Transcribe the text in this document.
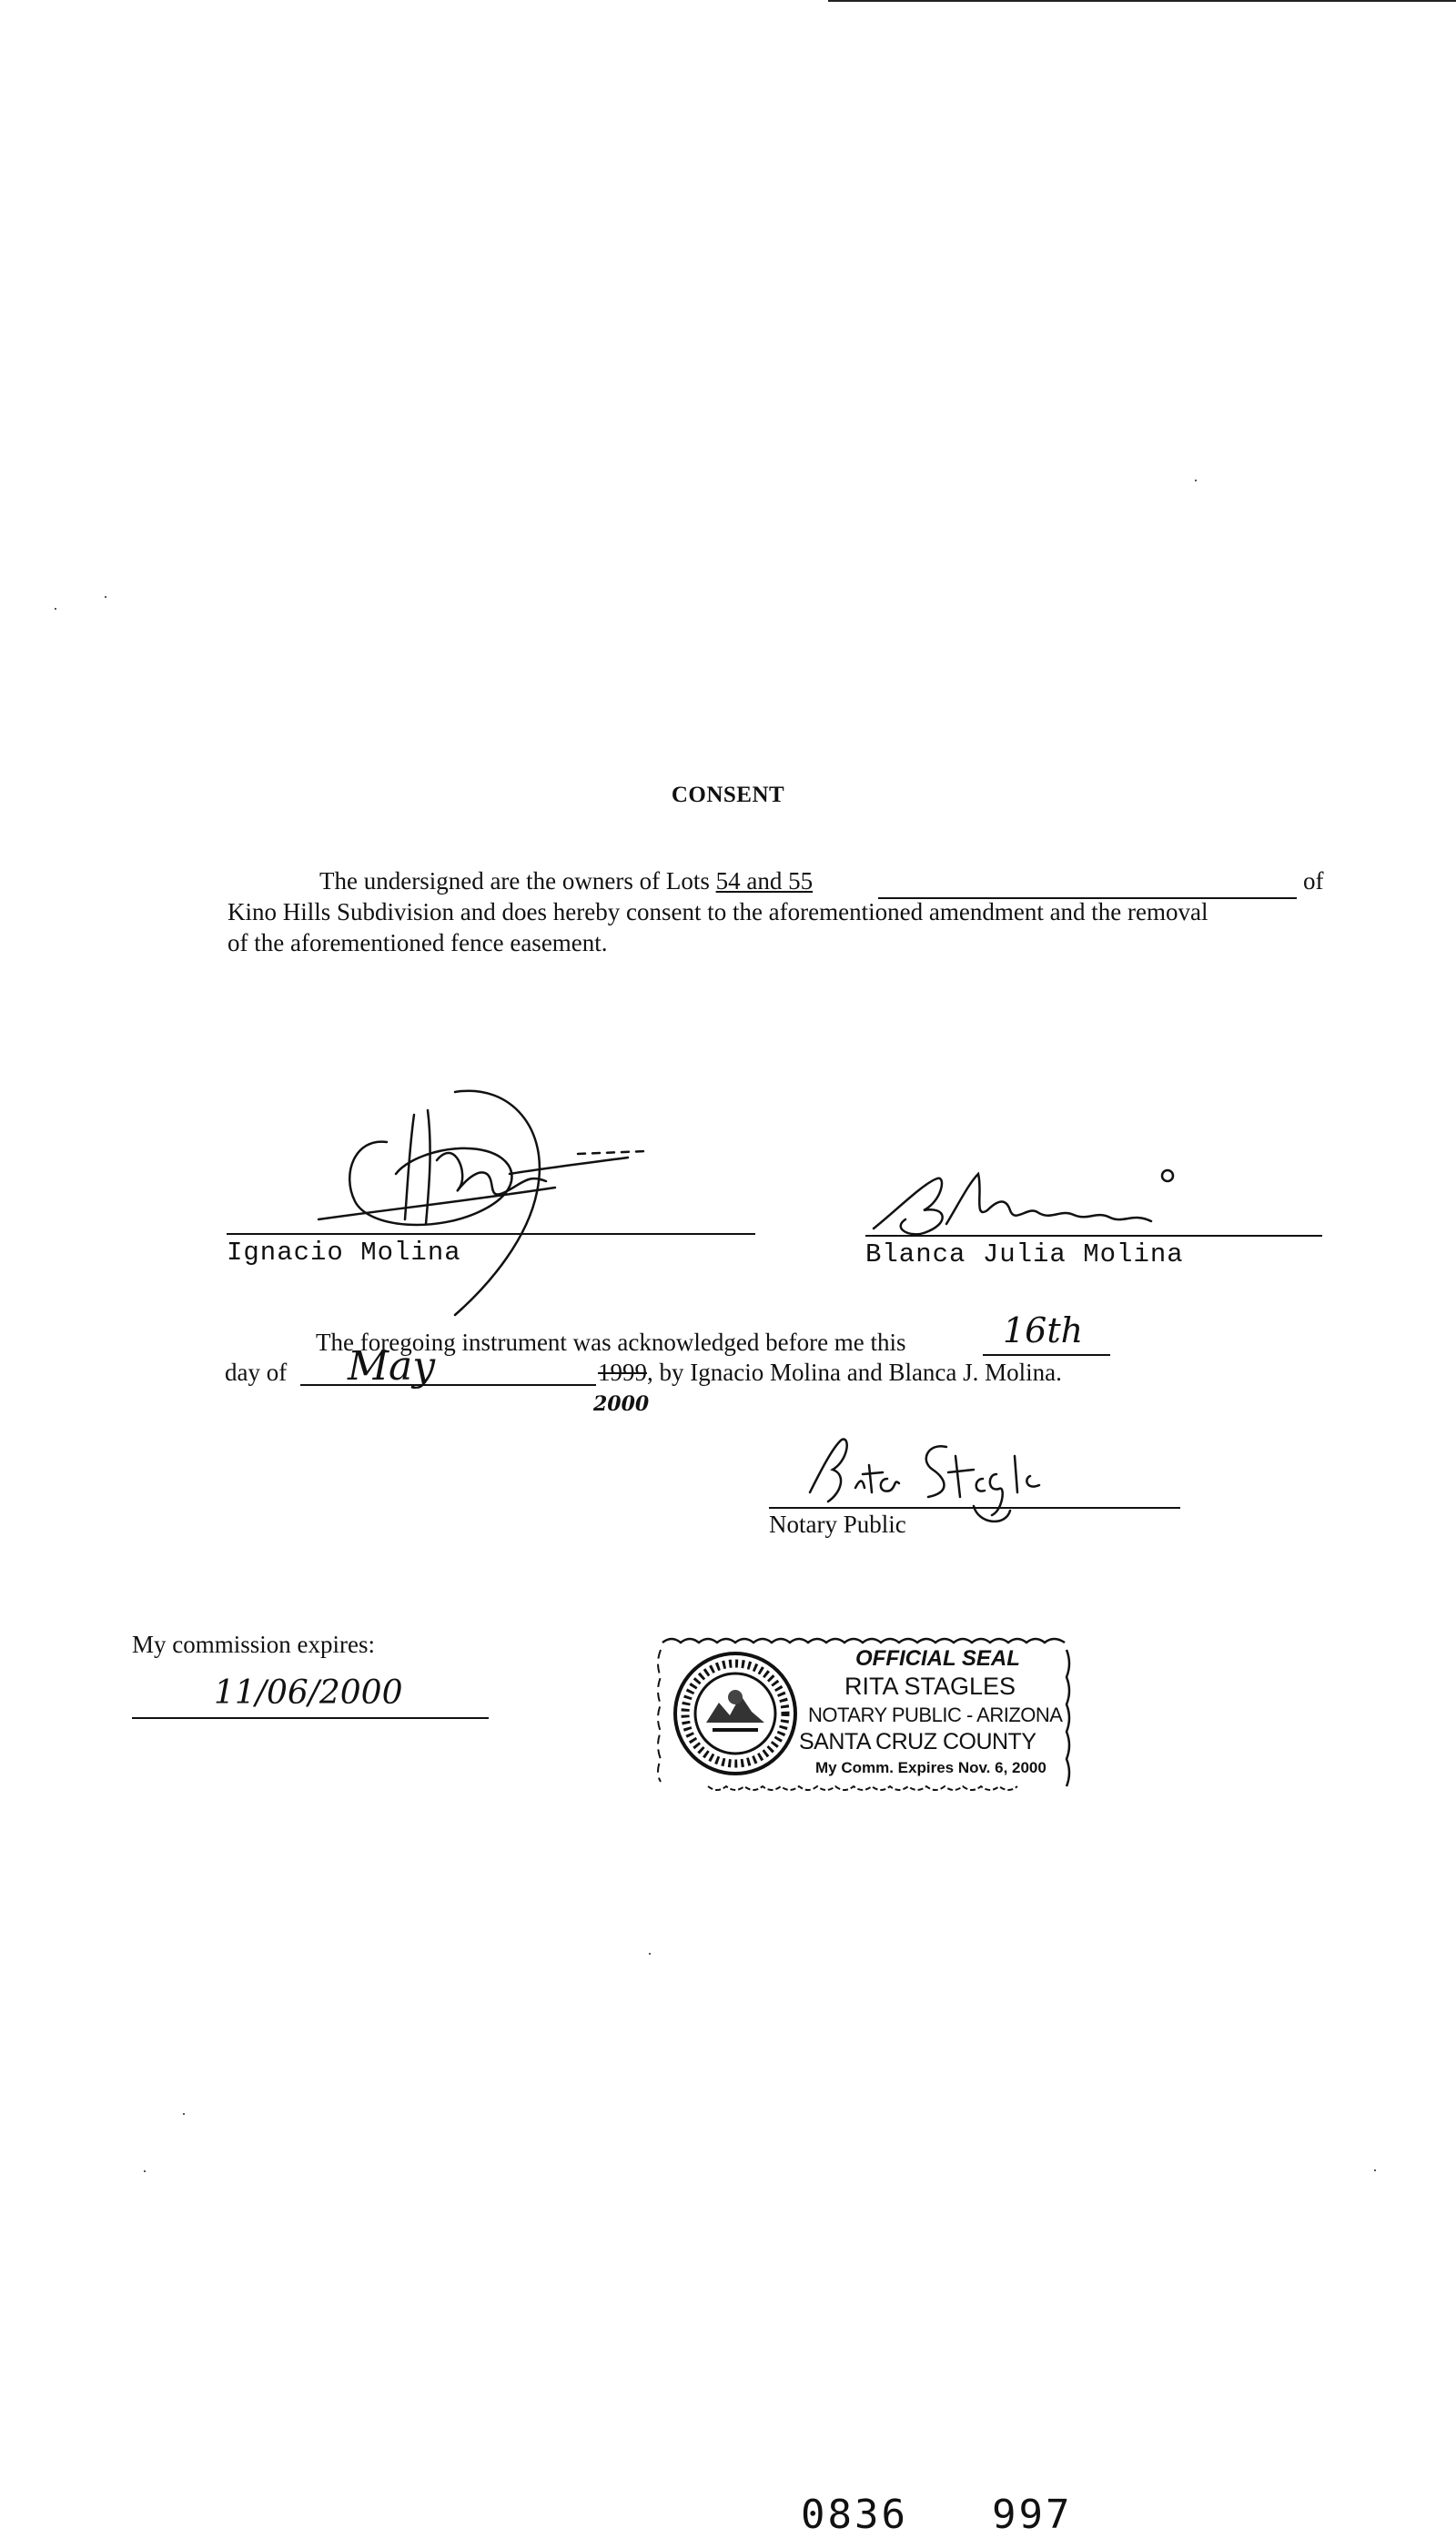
CONSENT
The undersigned are the owners of Lots 54 and 55	of
Kino Hills Subdivision and does hereby consent to the aforementioned amendment and the removal
of the aforementioned fence easement.
Ignacio Molina	Blanca Julia Molina
The foregoing instrument was acknowledged before me this	16th
day of May	1999, by Ignacio Molina and Blanca J. Molina.
2000
Notary Public
My commission expires:
11/06/2000
OFFICIAL SEAL
RITA STAGLES
NOTARY PUBLIC - ARIZONA
SANTA CRUZ COUNTY
My Comm. Expires Nov. 6, 2000
0836 997
